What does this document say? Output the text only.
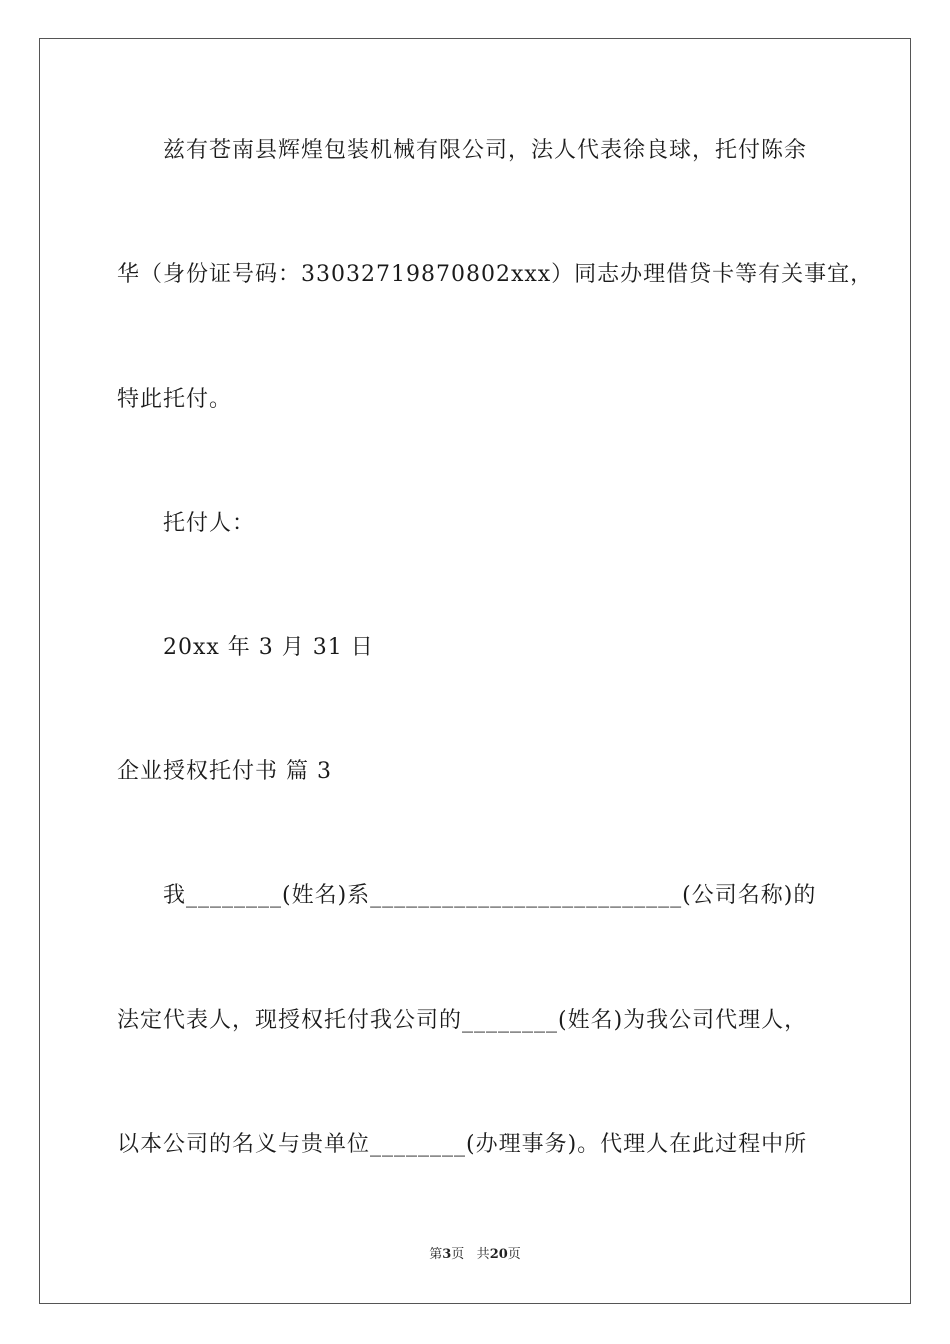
兹有苍南县辉煌包装机械有限公司，法人代表徐良球，托付陈余
华（身份证号码：33032719870802xxx）同志办理借贷卡等有关事宜，
特此托付。
托付人：
20xx 年 3 月 31 日
企业授权托付书 篇 3
我________(姓名)系__________________________(公司名称)的
法定代表人，现授权托付我公司的________(姓名)为我公司代理人，
以本公司的名义与贵单位________(办理事务)。代理人在此过程中所
第3页 共20页
